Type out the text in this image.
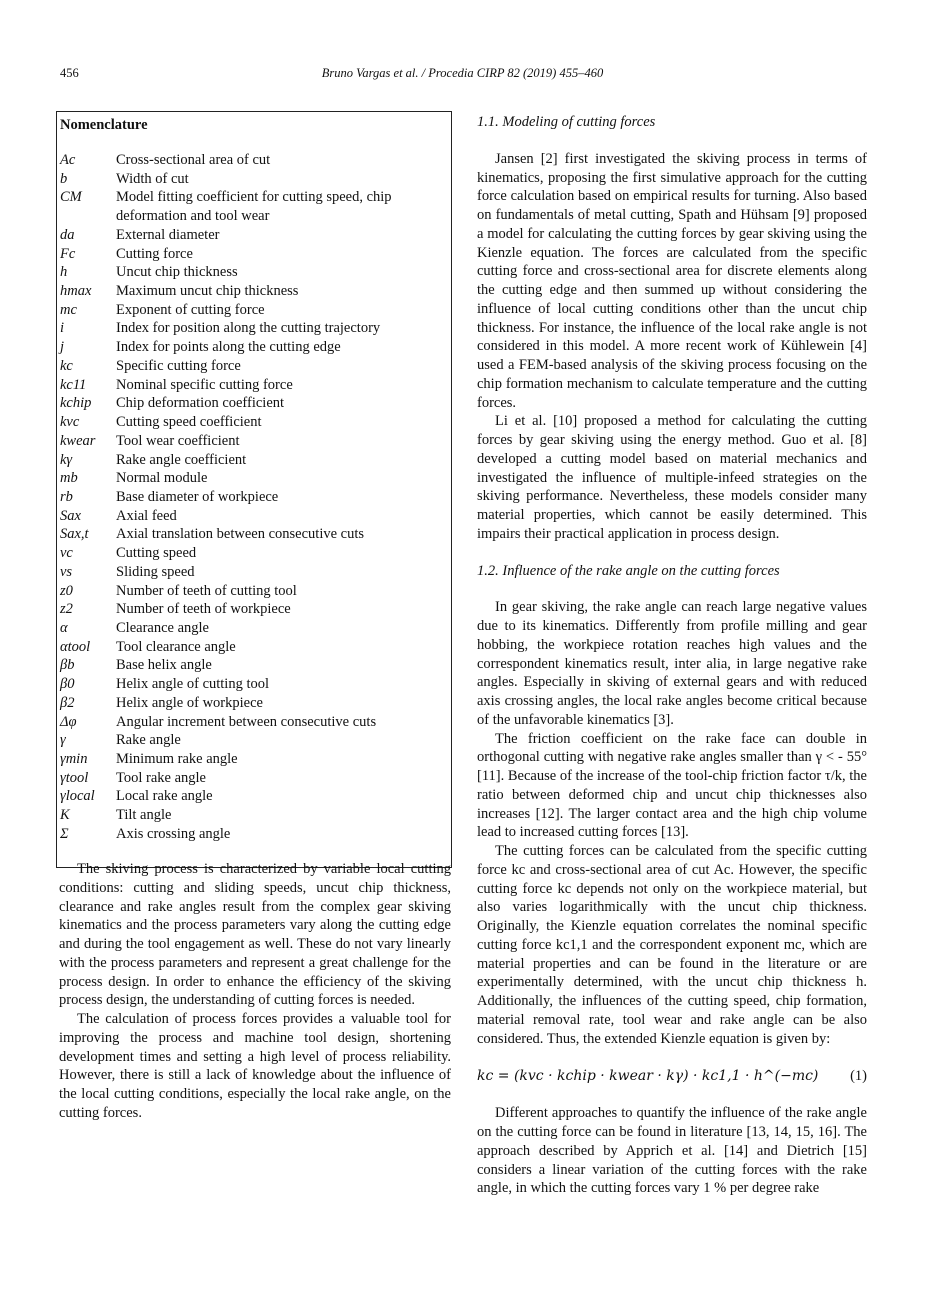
456	Bruno Vargas et al. / Procedia CIRP 82 (2019) 455–460
Nomenclature
Ac	Cross-sectional area of cut
b	Width of cut
CM	Model fitting coefficient for cutting speed, chip deformation and tool wear
da	External diameter
Fc	Cutting force
h	Uncut chip thickness
hmax	Maximum uncut chip thickness
mc	Exponent of cutting force
i	Index for position along the cutting trajectory
j	Index for points along the cutting edge
kc	Specific cutting force
kc11	Nominal specific cutting force
kchip	Chip deformation coefficient
kvc	Cutting speed coefficient
kwear	Tool wear coefficient
kγ	Rake angle coefficient
mb	Normal module
rb	Base diameter of workpiece
Sax	Axial feed
Sax,t	Axial translation between consecutive cuts
vc	Cutting speed
vs	Sliding speed
z0	Number of teeth of cutting tool
z2	Number of teeth of workpiece
α	Clearance angle
αtool	Tool clearance angle
βb	Base helix angle
β0	Helix angle of cutting tool
β2	Helix angle of workpiece
Δφ	Angular increment between consecutive cuts
γ	Rake angle
γmin	Minimum rake angle
γtool	Tool rake angle
γlocal	Local rake angle
K	Tilt angle
Σ	Axis crossing angle

The skiving process is characterized by variable local cutting conditions: cutting and sliding speeds, uncut chip thickness, clearance and rake angles result from the complex gear skiving kinematics and the process parameters vary along the cutting edge and during the tool engagement as well. These do not vary linearly with the process parameters and represent a great challenge for the process design. In order to enhance the efficiency of the skiving process design, the understanding of cutting forces is needed.

The calculation of process forces provides a valuable tool for improving the process and machine tool design, shortening development times and setting a high level of process reliability. However, there is still a lack of knowledge about the influence of the local cutting conditions, especially the local rake angle, on the cutting forces.

1.1. Modeling of cutting forces

Jansen [2] first investigated the skiving process in terms of kinematics, proposing the first simulative approach for the cutting force calculation based on empirical results for turning. Also based on fundamentals of metal cutting, Spath and Hühsam [9] proposed a model for calculating the cutting forces by gear skiving using the Kienzle equation. The forces are calculated from the specific cutting force and cross-sectional area for discrete elements along the cutting edge and then summed up without considering the influence of local cutting conditions other than the uncut chip thickness. For instance, the influence of the local rake angle is not considered in this model. A more recent work of Kühlewein [4] used a FEM-based analysis of the skiving process focusing on the chip formation mechanism to calculate temperature and the cutting forces.

Li et al. [10] proposed a method for calculating the cutting forces by gear skiving using the energy method. Guo et al. [8] developed a cutting model based on material mechanics and investigated the influence of multiple-infeed strategies on the skiving performance. Nevertheless, these models consider many material properties, which cannot be easily determined. This impairs their practical application in process design.

1.2. Influence of the rake angle on the cutting forces

In gear skiving, the rake angle can reach large negative values due to its kinematics. Differently from profile milling and gear hobbing, the workpiece rotation reaches high values and the correspondent kinematics result, inter alia, in large negative rake angles. Especially in skiving of external gears and with reduced axis crossing angles, the local rake angles become critical because of the unfavorable kinematics [3].

The friction coefficient on the rake face can double in orthogonal cutting with negative rake angles smaller than γ < - 55° [11]. Because of the increase of the tool-chip friction factor τ/k, the ratio between deformed chip and uncut chip thicknesses also increases [12]. The larger contact area and the high chip volume lead to increased cutting forces [13].

The cutting forces can be calculated from the specific cutting force kc and cross-sectional area of cut Ac. However, the specific cutting force kc depends not only on the workpiece material, but also varies logarithmically with the uncut chip thickness. Originally, the Kienzle equation correlates the nominal specific cutting force kc1,1 and the correspondent exponent mc, which are material properties and can be found in the literature or are experimentally determined, with the uncut chip thickness h. Additionally, the influences of the cutting speed, chip formation, material removal rate, tool wear and rake angle can be also considered. Thus, the extended Kienzle equation is given by:

kc = (kvc · kchip · kwear · kγ) · kc1,1 · h^(−mc) (1)

Different approaches to quantify the influence of the rake angle on the cutting force can be found in literature [13, 14, 15, 16]. The approach described by Apprich et al. [14] and Dietrich [15] considers a linear variation of the cutting forces with the rake angle, in which the cutting forces vary 1 % per degree rake
